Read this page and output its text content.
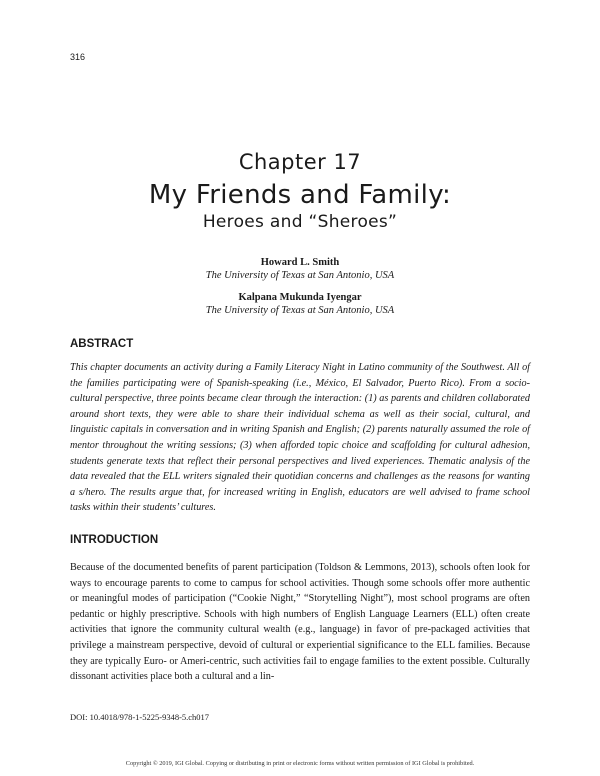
316
Chapter 17
My Friends and Family:
Heroes and “Sheroes”
Howard L. Smith
The University of Texas at San Antonio, USA
Kalpana Mukunda Iyengar
The University of Texas at San Antonio, USA
ABSTRACT

This chapter documents an activity during a Family Literacy Night in Latino community of the Southwest. All of the families participating were of Spanish-speaking (i.e., México, El Salvador, Puerto Rico). From a socio-cultural perspective, three points became clear through the interaction: (1) as parents and children collaborated around short texts, they were able to share their individual schema as well as their social, cultural, and linguistic capitals in conversation and in writing Spanish and English; (2) parents naturally assumed the role of mentor throughout the writing sessions; (3) when afforded topic choice and scaffolding for cultural adhesion, students generate texts that reflect their personal perspectives and lived experiences. Thematic analysis of the data revealed that the ELL writers signaled their quotidian concerns and challenges as the reasons for wanting a s/hero. The results argue that, for increased writing in English, educators are well advised to frame school tasks within their students’ cultures.

INTRODUCTION

Because of the documented benefits of parent participation (Toldson & Lemmons, 2013), schools often look for ways to encourage parents to come to campus for school activities. Though some schools offer more authentic or meaningful modes of participation (“Cookie Night,” “Storytelling Night”), most school programs are often pedantic or highly prescriptive. Schools with high numbers of English Language Learners (ELL) often create activities that ignore the community cultural wealth (e.g., language) in favor of pre-packaged activities that privilege a mainstream perspective, devoid of cultural or experiential significance to the ELL families. Because they are typically Euro- or Ameri-centric, such activities fail to engage families to the extent possible. Culturally dissonant activities place both a cultural and a lin-

DOI: 10.4018/978-1-5225-9348-5.ch017
Copyright © 2019, IGI Global. Copying or distributing in print or electronic forms without written permission of IGI Global is prohibited.
